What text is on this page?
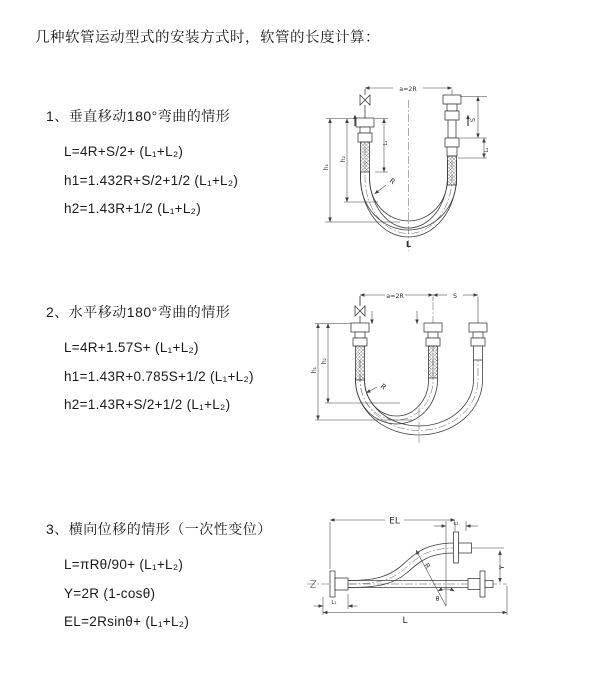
几种软管运动型式的安装方式时，软管的长度计算：
1、垂直移动180°弯曲的情形

L=4R+S/2+ (L₁+L₂)

h1=1.432R+S/2+1/2 (L₁+L₂)

h2=1.43R+1/2 (L₁+L₂)

2、水平移动180°弯曲的情形

L=4R+1.57S+ (L₁+L₂)

h1=1.43R+0.785S+1/2 (L₁+L₂)

h2=1.43R+S/2+1/2 (L₁+L₂)

3、横向位移的情形（一次性变位）

L=πRθ/90+ (L₁+L₂)

Y=2R (1-cosθ)

EL=2Rsinθ+ (L₁+L₂)

a=2R
h₁
h₂
L₁
S
L₂
R
L
a=2R	S
h₁
h₂
R
EL	L₂
Y
R
θ
L₁
L
